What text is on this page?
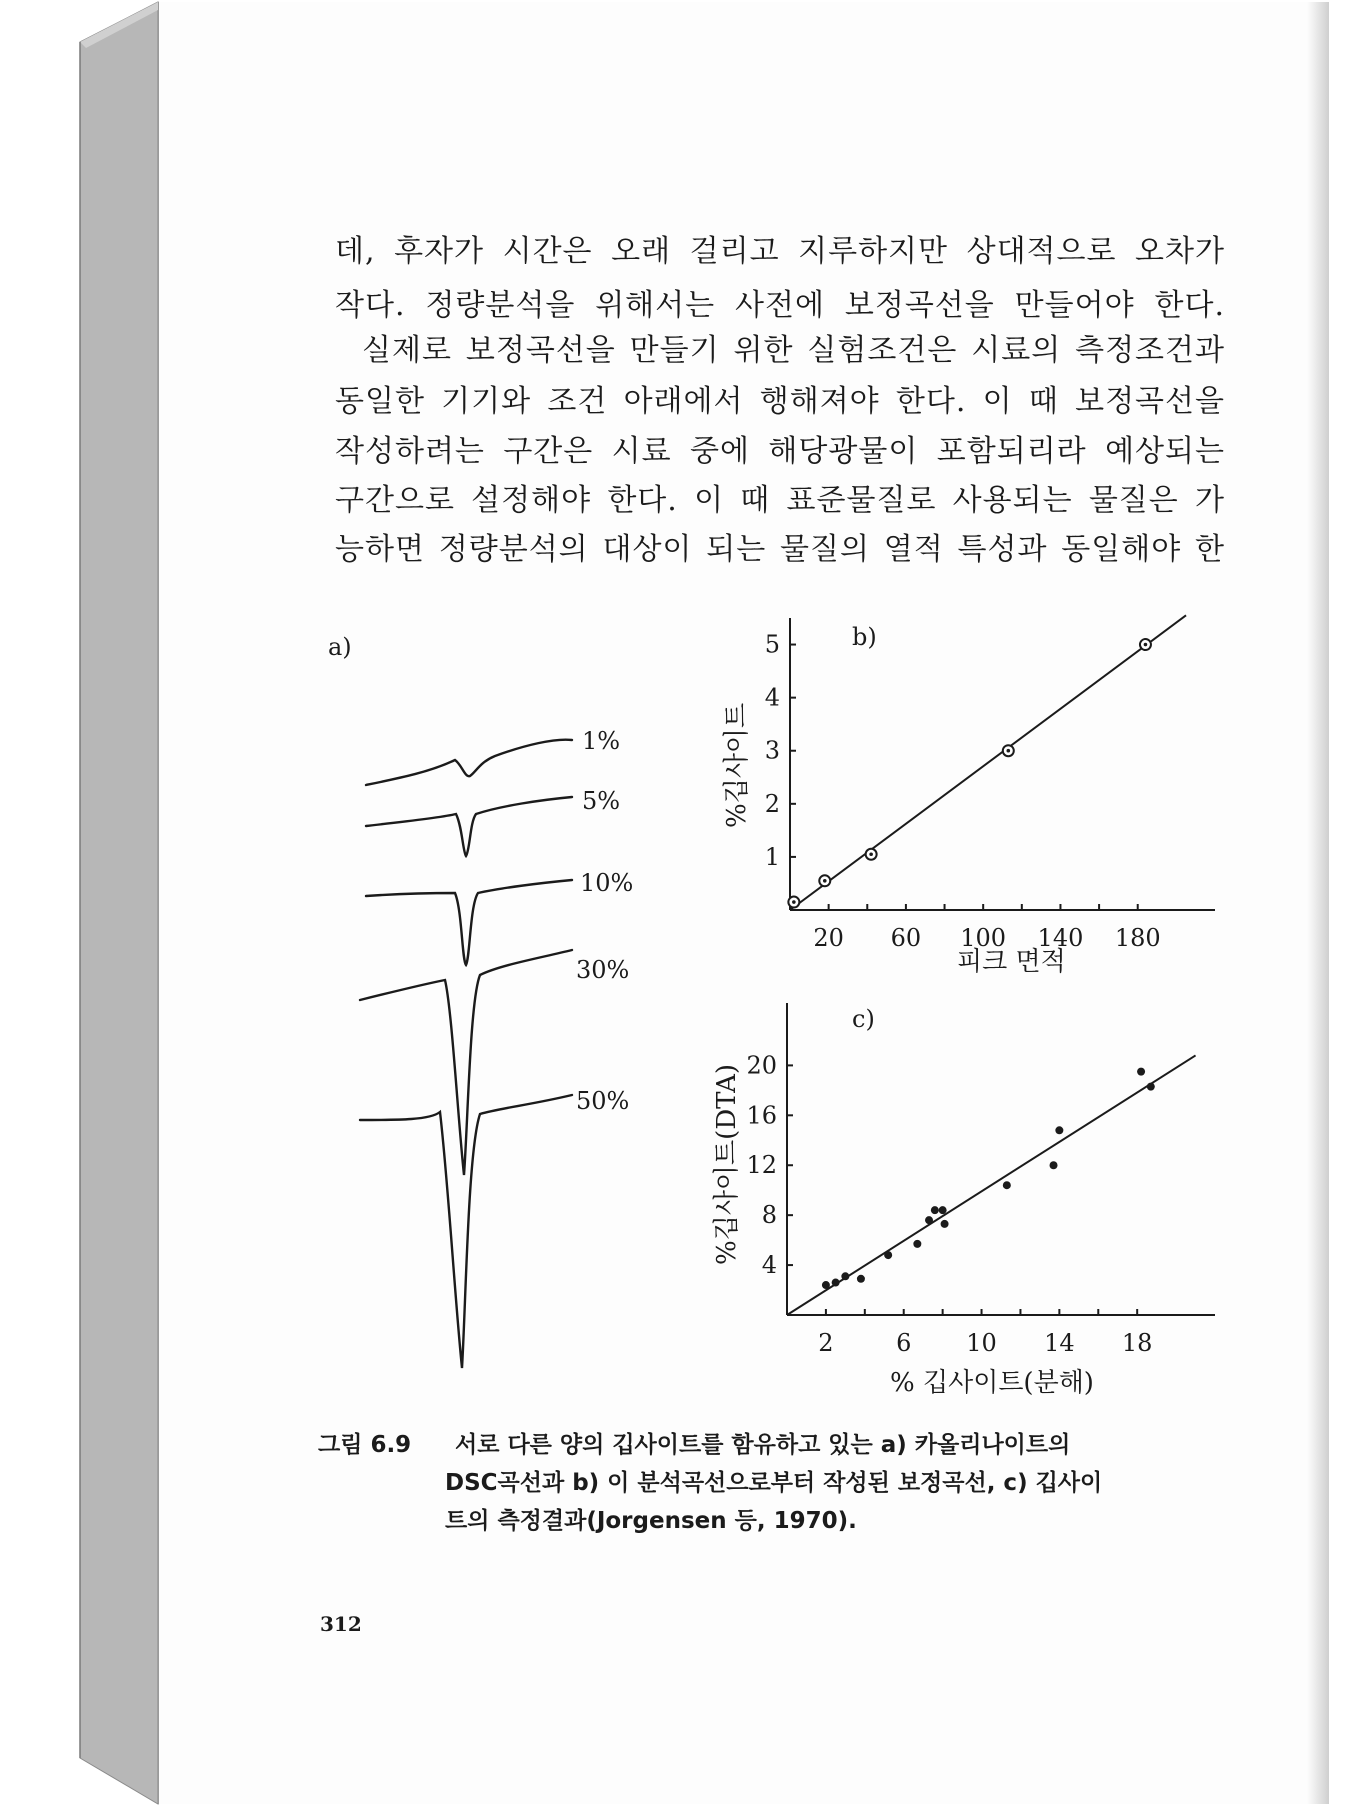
데, 후자가 시간은 오래 걸리고 지루하지만 상대적으로 오차가
작다. 정량분석을 위해서는 사전에 보정곡선을 만들어야 한다.
실제로 보정곡선을 만들기 위한 실험조건은 시료의 측정조건과
동일한 기기와 조건 아래에서 행해져야 한다. 이 때 보정곡선을
작성하려는 구간은 시료 중에 해당광물이 포함되리라 예상되는
구간으로 설정해야 한다. 이 때 표준물질로 사용되는 물질은 가
능하면 정량분석의 대상이 되는 물질의 열적 특성과 동일해야 한
a)
1%
5%
10%
30%
50%
b)
피크 면적
%깁사이트
20 60 100 140 180
1
2
3
4
5
c)
% 깁사이트(분해)
%깁사이트(DTA)
2	6 10 14 18
4
8
12
16
20
그림 6.9 서로 다른 양의 깁사이트를 함유하고 있는 a) 카올리나이트의
DSC곡선과 b) 이 분석곡선으로부터 작성된 보정곡선, c) 깁사이
트의 측정결과(Jorgensen 등, 1970).
312
